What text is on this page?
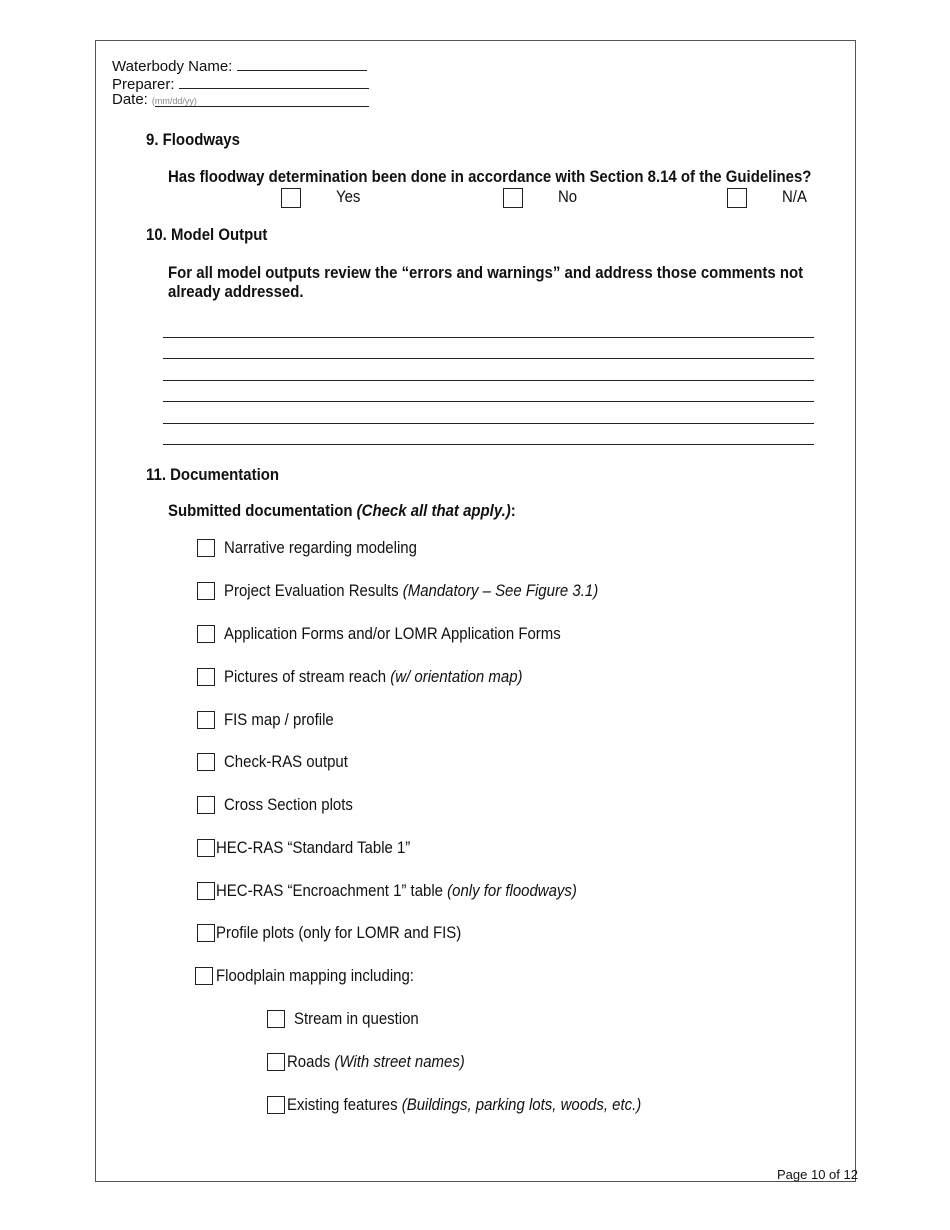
Waterbody Name:
Preparer:
Date: (mm/dd/yy)
9. Floodways
Has floodway determination been done in accordance with Section 8.14 of the Guidelines?
Yes	No	N/A
10. Model Output
For all model outputs review the “errors and warnings” and address those comments not
already addressed.
11. Documentation
Submitted documentation (Check all that apply.):
Narrative regarding modeling
Project Evaluation Results (Mandatory – See Figure 3.1)
Application Forms and/or LOMR Application Forms
Pictures of stream reach (w/ orientation map)
FIS map / profile
Check-RAS output
Cross Section plots
HEC-RAS “Standard Table 1”
HEC-RAS “Encroachment 1” table (only for floodways)
Profile plots (only for LOMR and FIS)
Floodplain mapping including:
Stream in question
Roads (With street names)
Existing features (Buildings, parking lots, woods, etc.)
Page 10 of 12
